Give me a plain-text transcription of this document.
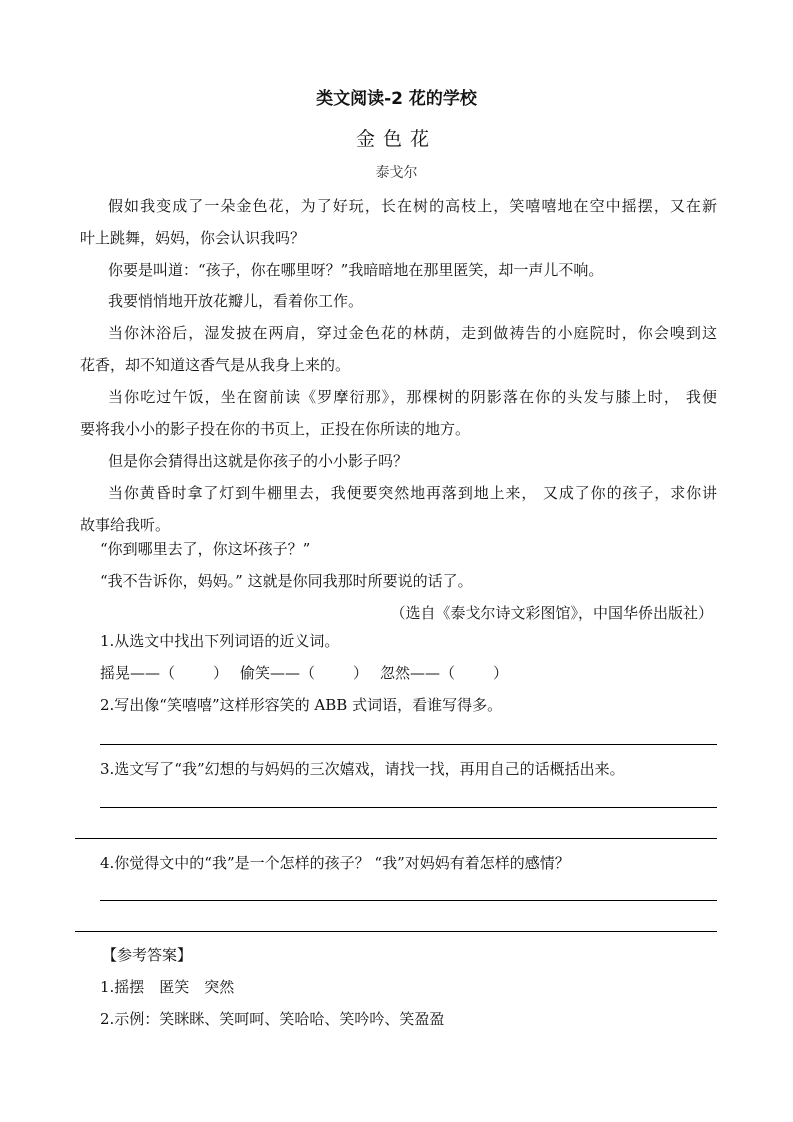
类文阅读-2 花的学校
金色花
泰戈尔
假如我变成了一朵金色花，为了好玩，长在树的高枝上，笑嘻嘻地在空中摇摆，又在新
叶上跳舞，妈妈，你会认识我吗？
你要是叫道：“孩子，你在哪里呀？”我暗暗地在那里匿笑，却一声儿不响。
我要悄悄地开放花瓣儿，看着你工作。
当你沐浴后，湿发披在两肩，穿过金色花的林荫，走到做祷告的小庭院时，你会嗅到这
花香，却不知道这香气是从我身上来的。
当你吃过午饭，坐在窗前读《罗摩衍那》，那棵树的阴影落在你的头发与膝上时， 我便
要将我小小的影子投在你的书页上，正投在你所读的地方。
但是你会猜得出这就是你孩子的小小影子吗？
当你黄昏时拿了灯到牛棚里去，我便要突然地再落到地上来， 又成了你的孩子，求你讲
故事给我听。
“你到哪里去了，你这坏孩子？”
“我不告诉你，妈妈。” 这就是你同我那时所要说的话了。
（选自《泰戈尔诗文彩图馆》，中国华侨出版社）
1.从选文中找出下列词语的近义词。
摇晃——（	） 偷笑——（	） 忽然——（	）
2.写出像“笑嘻嘻”这样形容笑的 ABB 式词语，看谁写得多。
3.选文写了“我”幻想的与妈妈的三次嬉戏，请找一找，再用自己的话概括出来。
4.你觉得文中的“我”是一个怎样的孩子？ “我”对妈妈有着怎样的感情？
【参考答案】
1.摇摆　匿笑　突然
2.示例：笑眯眯、笑呵呵、笑哈哈、笑吟吟、笑盈盈
